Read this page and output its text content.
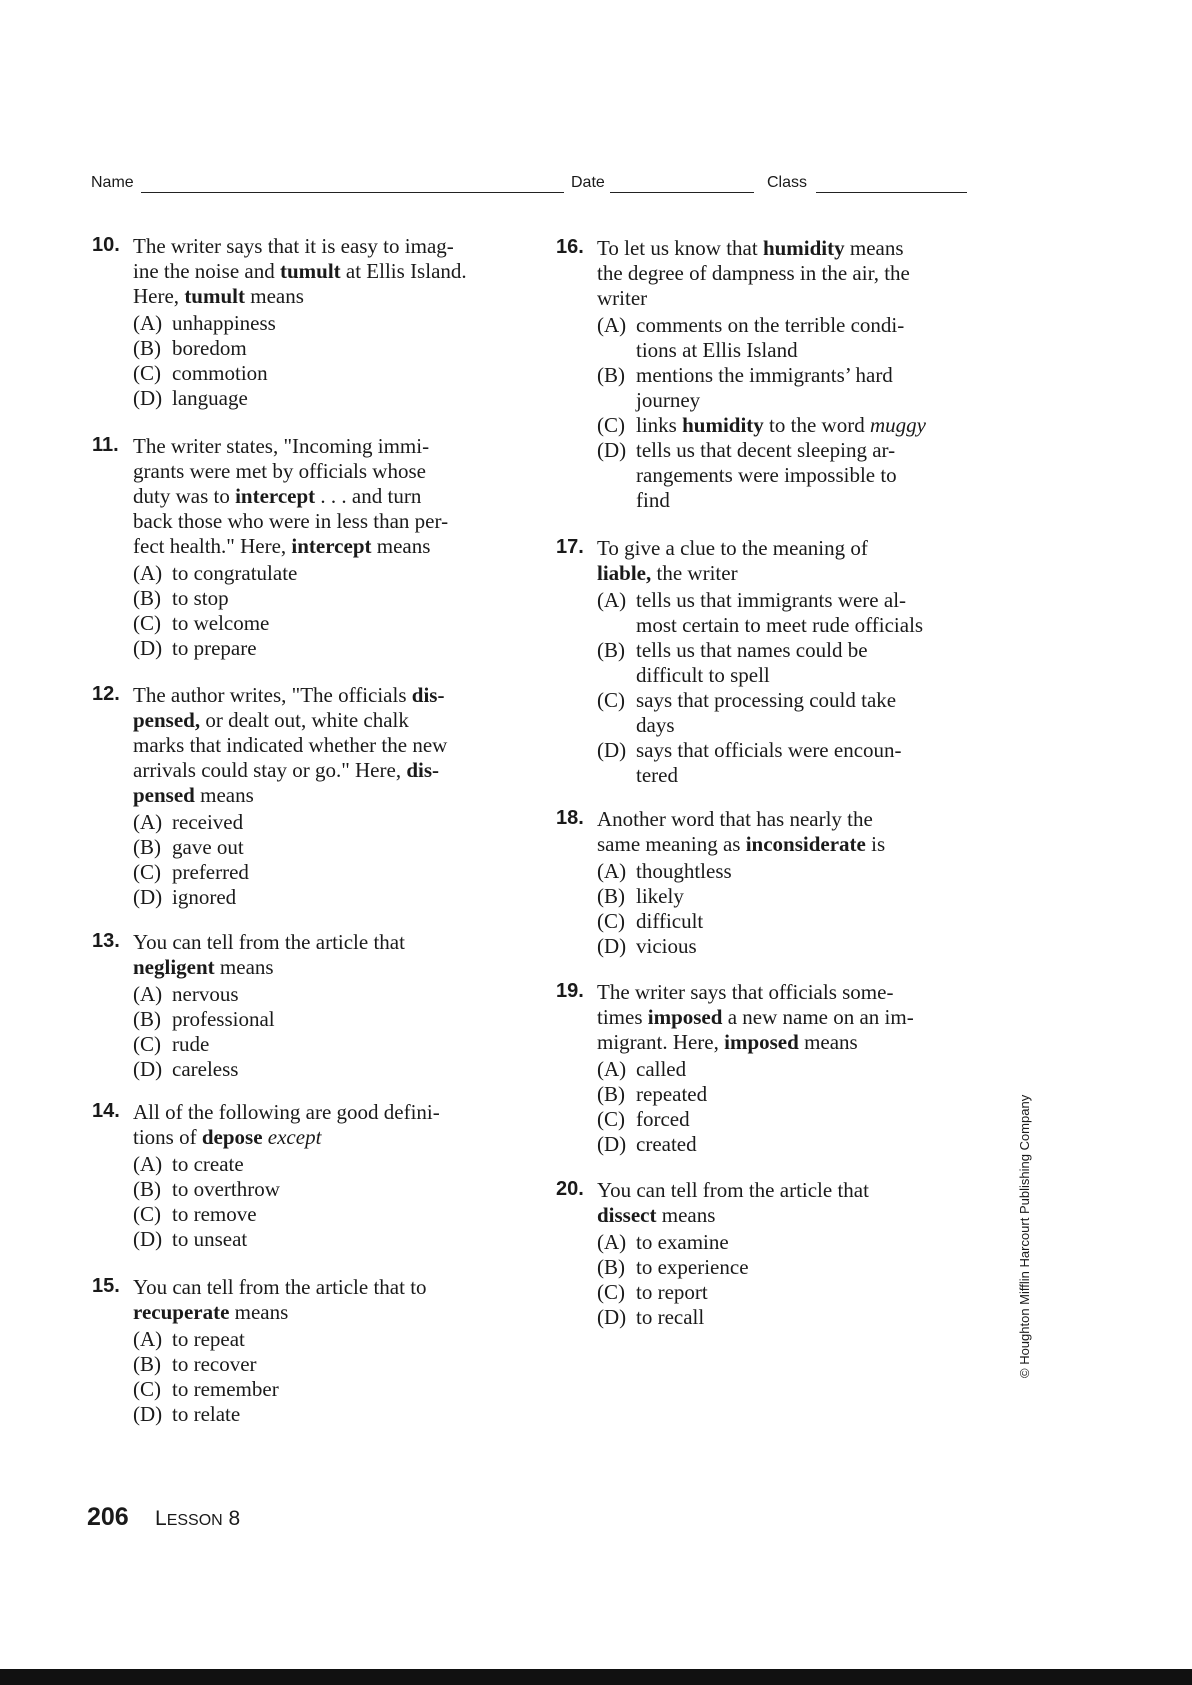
Name	Date	Class
10. The writer says that it is easy to imag-
ine the noise and tumult at Ellis Island.
Here, tumult means
(A) unhappiness
(B) boredom
(C) commotion
(D) language
11. The writer states, "Incoming immi-
grants were met by officials whose
duty was to intercept . . . and turn
back those who were in less than per-
fect health." Here, intercept means
(A) to congratulate
(B) to stop
(C) to welcome
(D) to prepare
12. The author writes, "The officials dis-
pensed, or dealt out, white chalk
marks that indicated whether the new
arrivals could stay or go." Here, dis-
pensed means
(A) received
(B) gave out
(C) preferred
(D) ignored
13. You can tell from the article that
negligent means
(A) nervous
(B) professional
(C) rude
(D) careless
14. All of the following are good defini-
tions of depose except
(A) to create
(B) to overthrow
(C) to remove
(D) to unseat
15. You can tell from the article that to
recuperate means
(A) to repeat
(B) to recover
(C) to remember
(D) to relate
16. To let us know that humidity means
the degree of dampness in the air, the
writer
(A) comments on the terrible condi-
tions at Ellis Island
(B) mentions the immigrants’ hard
journey
(C) links humidity to the word muggy
(D) tells us that decent sleeping ar-
rangements were impossible to
find
17. To give a clue to the meaning of
liable, the writer
(A) tells us that immigrants were al-
most certain to meet rude officials
(B) tells us that names could be
difficult to spell
(C) says that processing could take
days
(D) says that officials were encoun-
tered
18. Another word that has nearly the
same meaning as inconsiderate is
(A) thoughtless
(B) likely
(C) difficult
(D) vicious
19. The writer says that officials some-
times imposed a new name on an im-
migrant. Here, imposed means
(A) called
(B) repeated
(C) forced
(D) created
20. You can tell from the article that
dissect means
(A) to examine
(B) to experience
(C) to report
(D) to recall
206 LESSON 8
© Houghton Mifflin Harcourt Publishing Company
